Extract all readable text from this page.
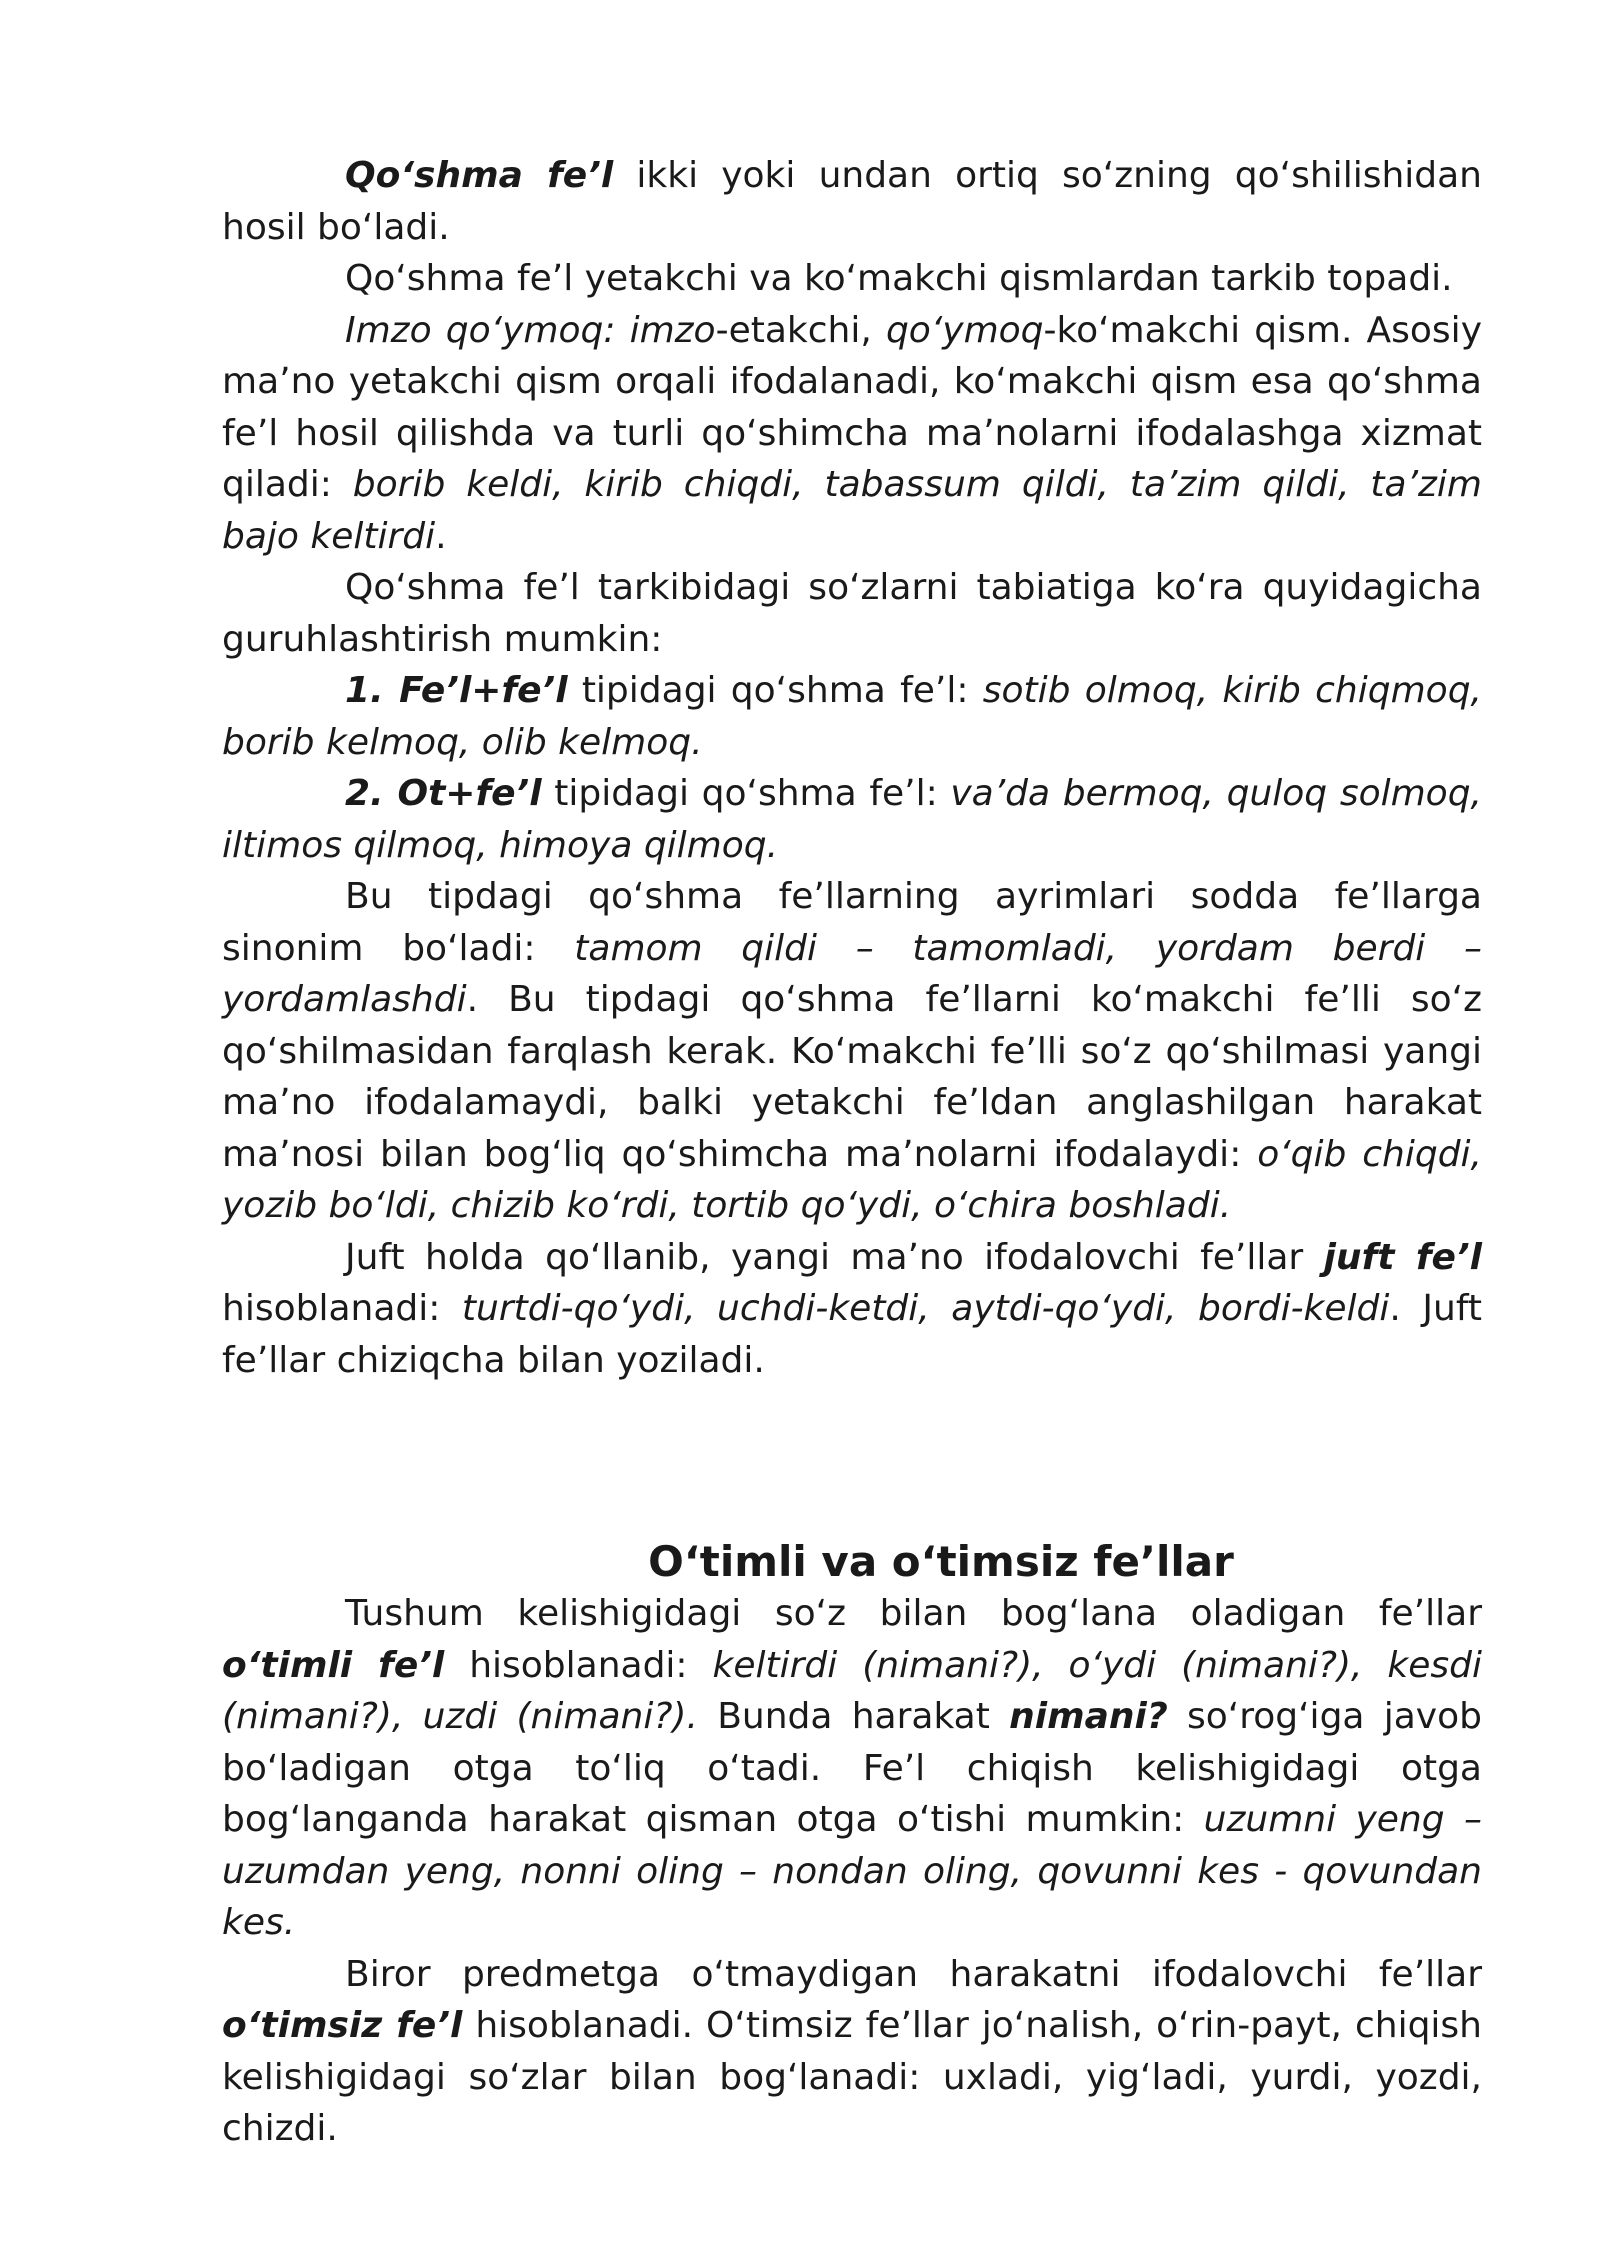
Qo‘shma fe’l ikki yoki undan ortiq so‘zning qo‘shilishidan hosil bo‘ladi.

Qo‘shma fe’l yetakchi va ko‘makchi qismlardan tarkib topadi.

Imzo qo‘ymoq: imzo-etakchi, qo‘ymoq-ko‘makchi qism. Asosiy ma’no yetakchi qism orqali ifodalanadi, ko‘makchi qism esa qo‘shma fe’l hosil qilishda va turli qo‘shimcha ma’nolarni ifodalashga xizmat qiladi: borib keldi, kirib chiqdi, tabassum qildi, ta’zim qildi, ta’zim bajo keltirdi.

Qo‘shma fe’l tarkibidagi so‘zlarni tabiatiga ko‘ra quyidagicha guruhlashtirish mumkin:

1. Fe’l+fe’l tipidagi qo‘shma fe’l: sotib olmoq, kirib chiqmoq, borib kelmoq, olib kelmoq.

2. Ot+fe’l tipidagi qo‘shma fe’l: va’da bermoq, quloq solmoq, iltimos qilmoq, himoya qilmoq.

Bu tipdagi qo‘shma fe’llarning ayrimlari sodda fe’llarga sinonim bo‘ladi: tamom qildi – tamomladi, yordam berdi – yordamlashdi. Bu tipdagi qo‘shma fe’llarni ko‘makchi fe’lli so‘z qo‘shilmasidan farqlash kerak. Ko‘makchi fe’lli so‘z qo‘shilmasi yangi ma’no ifodalamaydi, balki yetakchi fe’ldan anglashilgan harakat ma’nosi bilan bog‘liq qo‘shimcha ma’nolarni ifodalaydi: o‘qib chiqdi, yozib bo‘ldi, chizib ko‘rdi, tortib qo‘ydi, o‘chira boshladi.

Juft holda qo‘llanib, yangi ma’no ifodalovchi fe’llar juft fe’l hisoblanadi: turtdi-qo‘ydi, uchdi-ketdi, aytdi-qo‘ydi, bordi-keldi. Juft fe’llar chiziqcha bilan yoziladi.

O‘timli va o‘timsiz fe’llar

Tushum kelishigidagi so‘z bilan bog‘lana oladigan fe’llar o‘timli fe’l hisoblanadi: keltirdi (nimani?), o‘ydi (nimani?), kesdi (nimani?), uzdi (nimani?). Bunda harakat nimani? so‘rog‘iga javob bo‘ladigan otga to‘liq o‘tadi. Fe’l chiqish kelishigidagi otga bog‘langanda harakat qisman otga o‘tishi mumkin: uzumni yeng – uzumdan yeng, nonni oling – nondan oling, qovunni kes - qovundan kes.

Biror predmetga o‘tmaydigan harakatni ifodalovchi fe’llar o‘timsiz fe’l hisoblanadi. O‘timsiz fe’llar jo‘nalish, o‘rin-payt, chiqish kelishigidagi so‘zlar bilan bog‘lanadi: uxladi, yig‘ladi, yurdi, yozdi, chizdi.
